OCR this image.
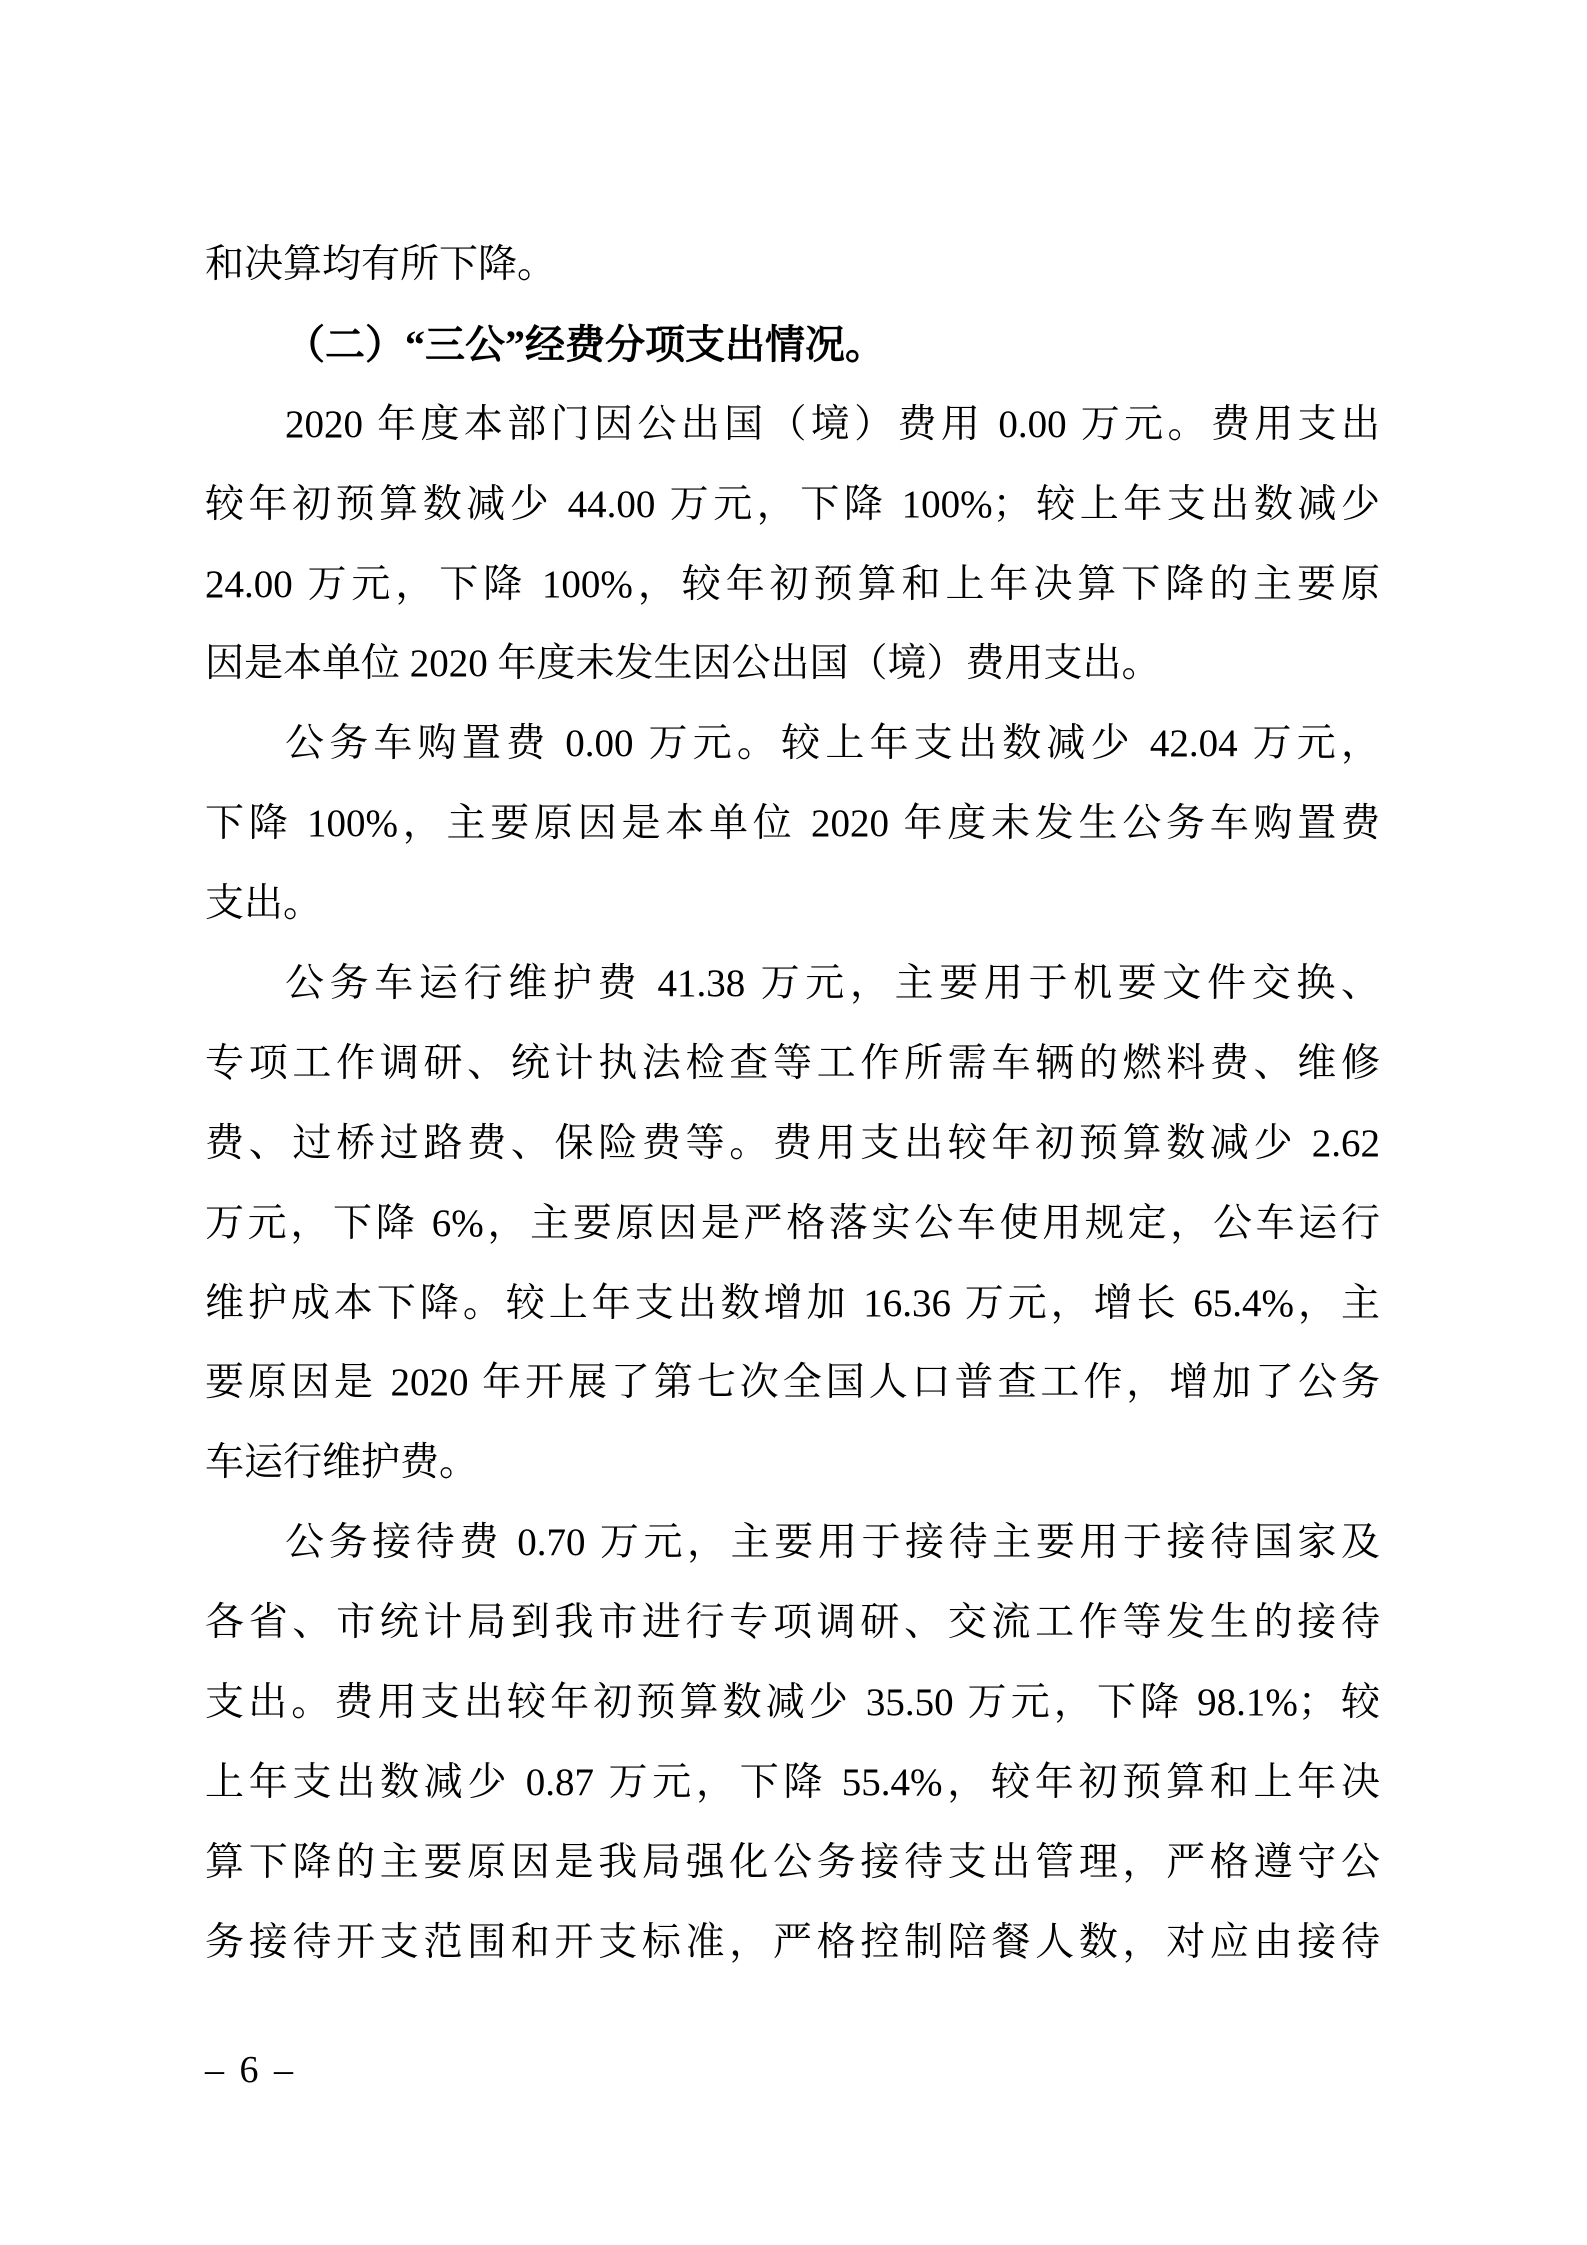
和决算均有所下降。
（二）“三公”经费分项支出情况。
2020 年度本部门因公出国（境）费用 0.00 万元。费用支出
较年初预算数减少 44.00 万元，下降 100%；较上年支出数减少
24.00 万元，下降 100%，较年初预算和上年决算下降的主要原
因是本单位 2020 年度未发生因公出国（境）费用支出。
公务车购置费 0.00 万元。较上年支出数减少 42.04 万元，
下降 100%，主要原因是本单位 2020 年度未发生公务车购置费
支出。
公务车运行维护费 41.38 万元，主要用于机要文件交换、
专项工作调研、统计执法检查等工作所需车辆的燃料费、维修
费、过桥过路费、保险费等。费用支出较年初预算数减少 2.62
万元，下降 6%，主要原因是严格落实公车使用规定，公车运行
维护成本下降。较上年支出数增加 16.36 万元，增长 65.4%，主
要原因是 2020 年开展了第七次全国人口普查工作，增加了公务
车运行维护费。
公务接待费 0.70 万元，主要用于接待主要用于接待国家及
各省、市统计局到我市进行专项调研、交流工作等发生的接待
支出。费用支出较年初预算数减少 35.50 万元，下降 98.1%；较
上年支出数减少 0.87 万元，下降 55.4%，较年初预算和上年决
算下降的主要原因是我局强化公务接待支出管理，严格遵守公
务接待开支范围和开支标准，严格控制陪餐人数，对应由接待
– 6 –
